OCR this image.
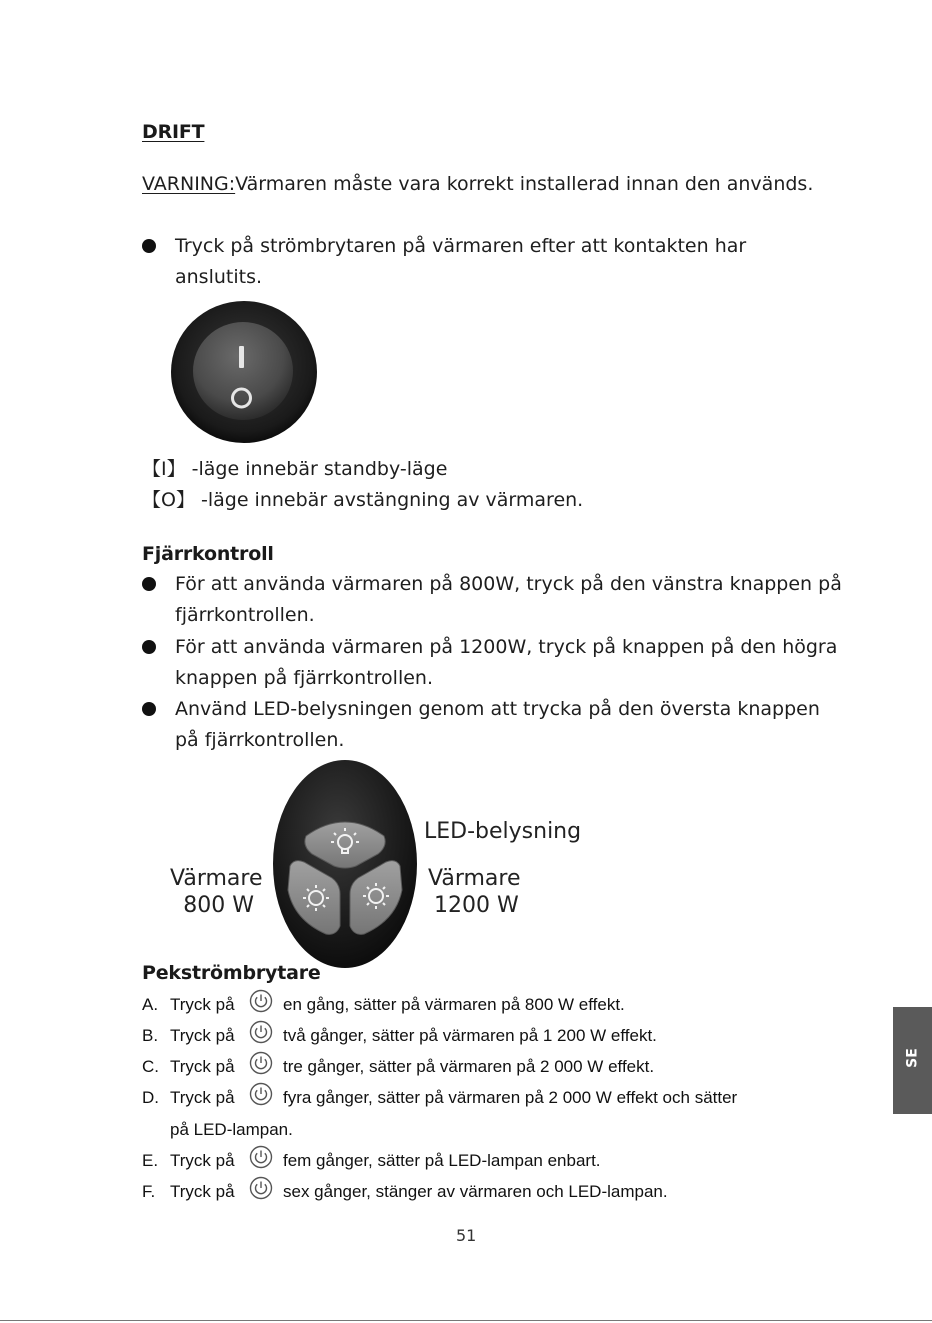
DRIFT
VARNING:Värmaren måste vara korrekt installerad innan den används.
Tryck på strömbrytaren på värmaren efter att kontakten har
anslutits.
【I】 -läge innebär standby-läge
【O】 -läge innebär avstängning av värmaren.
Fjärrkontroll
För att använda värmaren på 800W, tryck på den vänstra knappen på
fjärrkontrollen.
För att använda värmaren på 1200W, tryck på knappen på den högra
knappen på fjärrkontrollen.
Använd LED-belysningen genom att trycka på den översta knappen
på fjärrkontrollen.
LED-belysning
Värmare
800 W
Värmare
1200 W
Pekströmbrytare
A. Tryck på	en gång, sätter på värmaren på 800 W effekt.
B. Tryck på	två gånger, sätter på värmaren på 1 200 W effekt.
C. Tryck på	tre gånger, sätter på värmaren på 2 000 W effekt.
D. Tryck på	fyra gånger, sätter på värmaren på 2 000 W effekt och sätter
på LED-lampan.
E. Tryck på	fem gånger, sätter på LED-lampan enbart.
F. Tryck på	sex gånger, stänger av värmaren och LED-lampan.
SE
51
